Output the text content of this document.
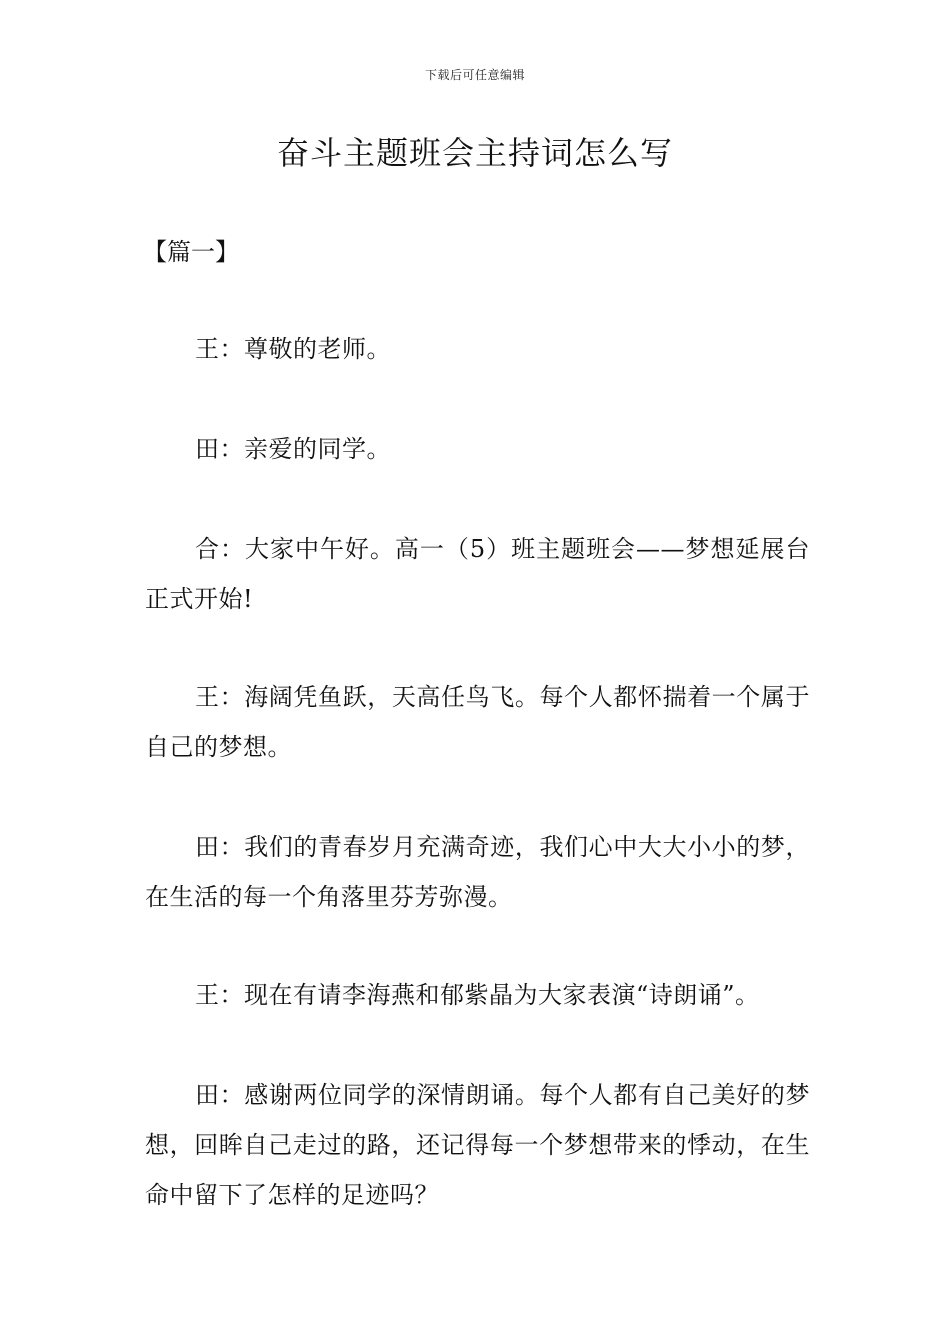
下载后可任意编辑
奋斗主题班会主持词怎么写
【篇一】

王：尊敬的老师。

田：亲爱的同学。

合：大家中午好。高一（5）班主题班会——梦想延展台正式开始!

王：海阔凭鱼跃，天高任鸟飞。每个人都怀揣着一个属于自己的梦想。

田：我们的青春岁月充满奇迹，我们心中大大小小的梦，在生活的每一个角落里芬芳弥漫。

王：现在有请李海燕和郁紫晶为大家表演“诗朗诵”。

田：感谢两位同学的深情朗诵。每个人都有自己美好的梦想，回眸自己走过的路，还记得每一个梦想带来的悸动，在生命中留下了怎样的足迹吗？
